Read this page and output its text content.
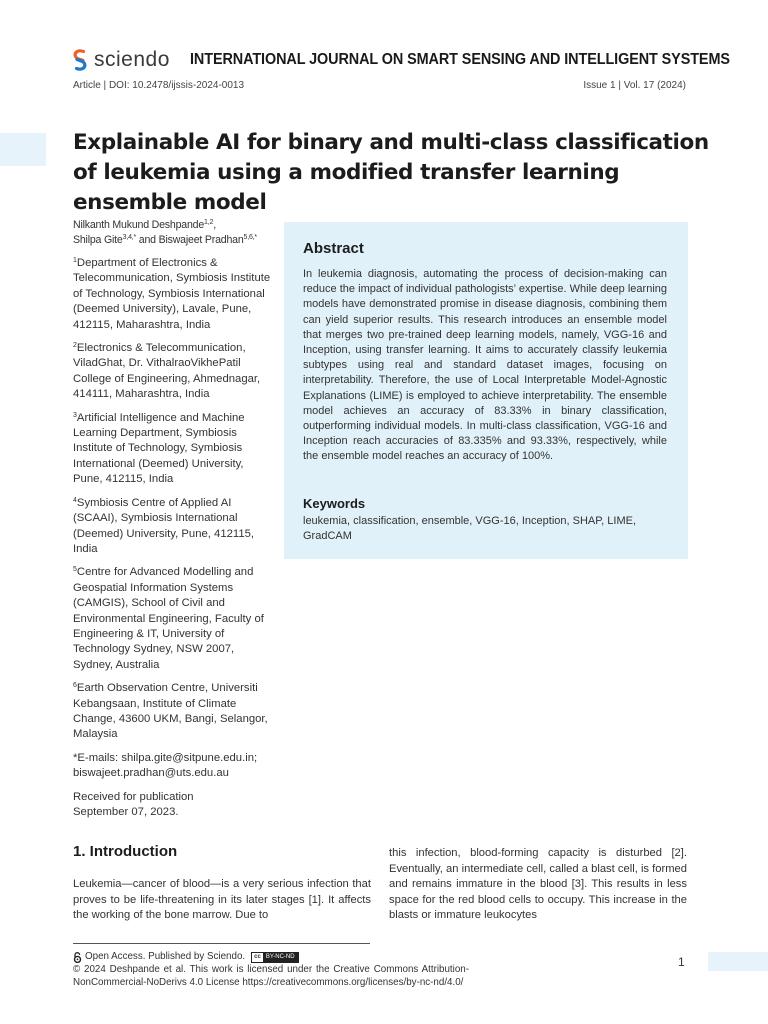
sciendo INTERNATIONAL JOURNAL ON SMART SENSING AND INTELLIGENT SYSTEMS
Article | DOI: 10.2478/ijssis-2024-0013	Issue 1 | Vol. 17 (2024)
Explainable AI for binary and multi-class classification of leukemia using a modified transfer learning ensemble model
Nilkanth Mukund Deshpande$^{1,2}$,
Shilpa Gite$^{3,4,*}$ and Biswajeet Pradhan$^{5,6,*}$
$^1$Department of Electronics & Telecommunication, Symbiosis Institute of Technology, Symbiosis International (Deemed University), Lavale, Pune, 412115, Maharashtra, India
$^2$Electronics & Telecommunication, ViladGhat, Dr. VithalraoVikhePatil College of Engineering, Ahmednagar, 414111, Maharashtra, India
$^3$Artificial Intelligence and Machine Learning Department, Symbiosis Institute of Technology, Symbiosis International (Deemed) University, Pune, 412115, India
$^4$Symbiosis Centre of Applied AI (SCAAI), Symbiosis International (Deemed) University, Pune, 412115, India
$^5$Centre for Advanced Modelling and Geospatial Information Systems (CAMGIS), School of Civil and Environmental Engineering, Faculty of Engineering & IT, University of Technology Sydney, NSW 2007, Sydney, Australia
$^6$Earth Observation Centre, Universiti Kebangsaan, Institute of Climate Change, 43600 UKM, Bangi, Selangor, Malaysia
*E-mails: shilpa.gite@sitpune.edu.in;
biswajeet.pradhan@uts.edu.au
Received for publication
September 07, 2023.
Abstract

In leukemia diagnosis, automating the process of decision-making can reduce the impact of individual pathologists’ expertise. While deep learning models have demonstrated promise in disease diagnosis, combining them can yield superior results. This research introduces an ensemble model that merges two pre-trained deep learning models, namely, VGG-16 and Inception, using transfer learning. It aims to accurately classify leukemia subtypes using real and standard dataset images, focusing on interpretability. Therefore, the use of Local Interpretable Model-Agnostic Explanations (LIME) is employed to achieve interpretability. The ensemble model achieves an accuracy of 83.33% in binary classification, outperforming individual models. In multi-class classification, VGG-16 and Inception reach accuracies of 83.335% and 93.33%, respectively, while the ensemble model reaches an accuracy of 100%.

Keywords

leukemia, classification, ensemble, VGG-16, Inception, SHAP, LIME, GradCAM

1. Introduction

Leukemia—cancer of blood—is a very serious infection that proves to be life-threatening in its later stages [1]. It affects the working of the bone marrow. Due to

this infection, blood-forming capacity is disturbed [2]. Eventually, an intermediate cell, called a blast cell, is formed and remains immature in the blood [3]. This results in less space for the red blood cells to occupy. This increase in the blasts or immature leukocytes

Open Access. Published by Sciendo.	cc BY-NC-ND
© 2024 Deshpande et al. This work is licensed under the Creative Commons Attribution-NonCommercial-NoDerivs 4.0 License https://creativecommons.org/licenses/by-nc-nd/4.0/
1
